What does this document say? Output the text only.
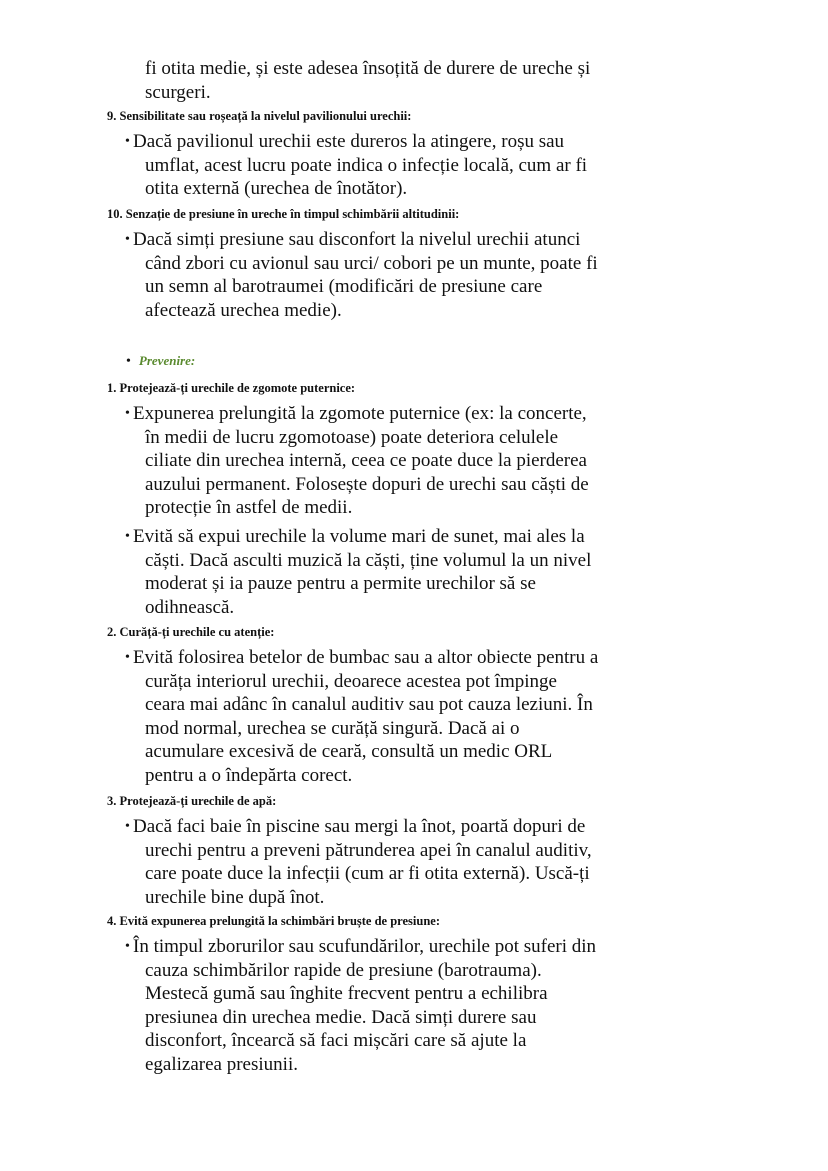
fi otita medie, și este adesea însoțită de durere de ureche și
scurgeri.
• Prevenire:
9. Sensibilitate sau roșeață la nivelul pavilionului urechii:
• Dacă pavilionul urechii este dureros la atingere, roșu sau
umflat, acest lucru poate indica o infecție locală, cum ar fi
otita externă (urechea de înotător).
10. Senzație de presiune în ureche în timpul schimbării altitudinii:
• Dacă simți presiune sau disconfort la nivelul urechii atunci
când zbori cu avionul sau urci/ cobori pe un munte, poate fi
un semn al barotraumei (modificări de presiune care
afectează urechea medie).
1. Protejează-ți urechile de zgomote puternice:
• Expunerea prelungită la zgomote puternice (ex: la concerte,
în medii de lucru zgomotoase) poate deteriora celulele
ciliate din urechea internă, ceea ce poate duce la pierderea
auzului permanent. Folosește dopuri de urechi sau căști de
protecție în astfel de medii.
• Evită să expui urechile la volume mari de sunet, mai ales la
căști. Dacă asculti muzică la căști, ține volumul la un nivel
moderat și ia pauze pentru a permite urechilor să se
odihnească.
2. Curăță-ți urechile cu atenție:
• Evită folosirea betelor de bumbac sau a altor obiecte pentru a
curăța interiorul urechii, deoarece acestea pot împinge
ceara mai adânc în canalul auditiv sau pot cauza leziuni. În
mod normal, urechea se curăță singură. Dacă ai o
acumulare excesivă de ceară, consultă un medic ORL
pentru a o îndepărta corect.
3. Protejează-ți urechile de apă:
• Dacă faci baie în piscine sau mergi la înot, poartă dopuri de
urechi pentru a preveni pătrunderea apei în canalul auditiv,
care poate duce la infecții (cum ar fi otita externă). Uscă-ți
urechile bine după înot.
4. Evită expunerea prelungită la schimbări bruște de presiune:
• În timpul zborurilor sau scufundărilor, urechile pot suferi din
cauza schimbărilor rapide de presiune (barotrauma).
Mestecă gumă sau înghite frecvent pentru a echilibra
presiunea din urechea medie. Dacă simți durere sau
disconfort, încearcă să faci mișcări care să ajute la
egalizarea presiunii.
